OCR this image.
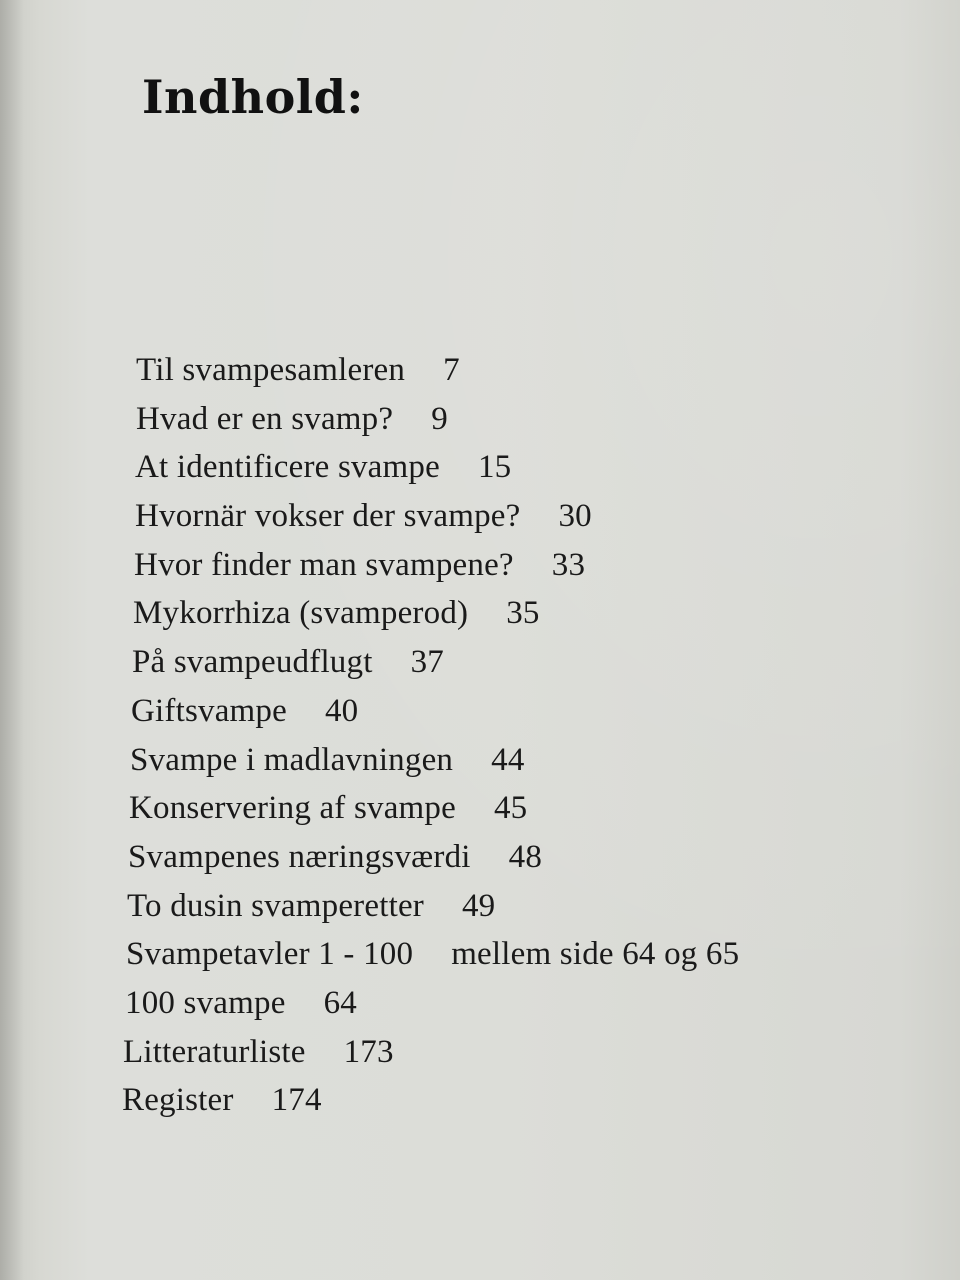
Indhold:
Til svampesamleren 7
Hvad er en svamp? 9
At identificere svampe 15
Hvornär vokser der svampe? 30
Hvor finder man svampene? 33
Mykorrhiza (svamperod) 35
På svampeudflugt 37
Giftsvampe 40
Svampe i madlavningen 44
Konservering af svampe 45
Svampenes næringsværdi 48
To dusin svamperetter 49
Svampetavler 1 - 100 mellem side 64 og 65
100 svampe 64
Litteraturliste 173
Register 174
